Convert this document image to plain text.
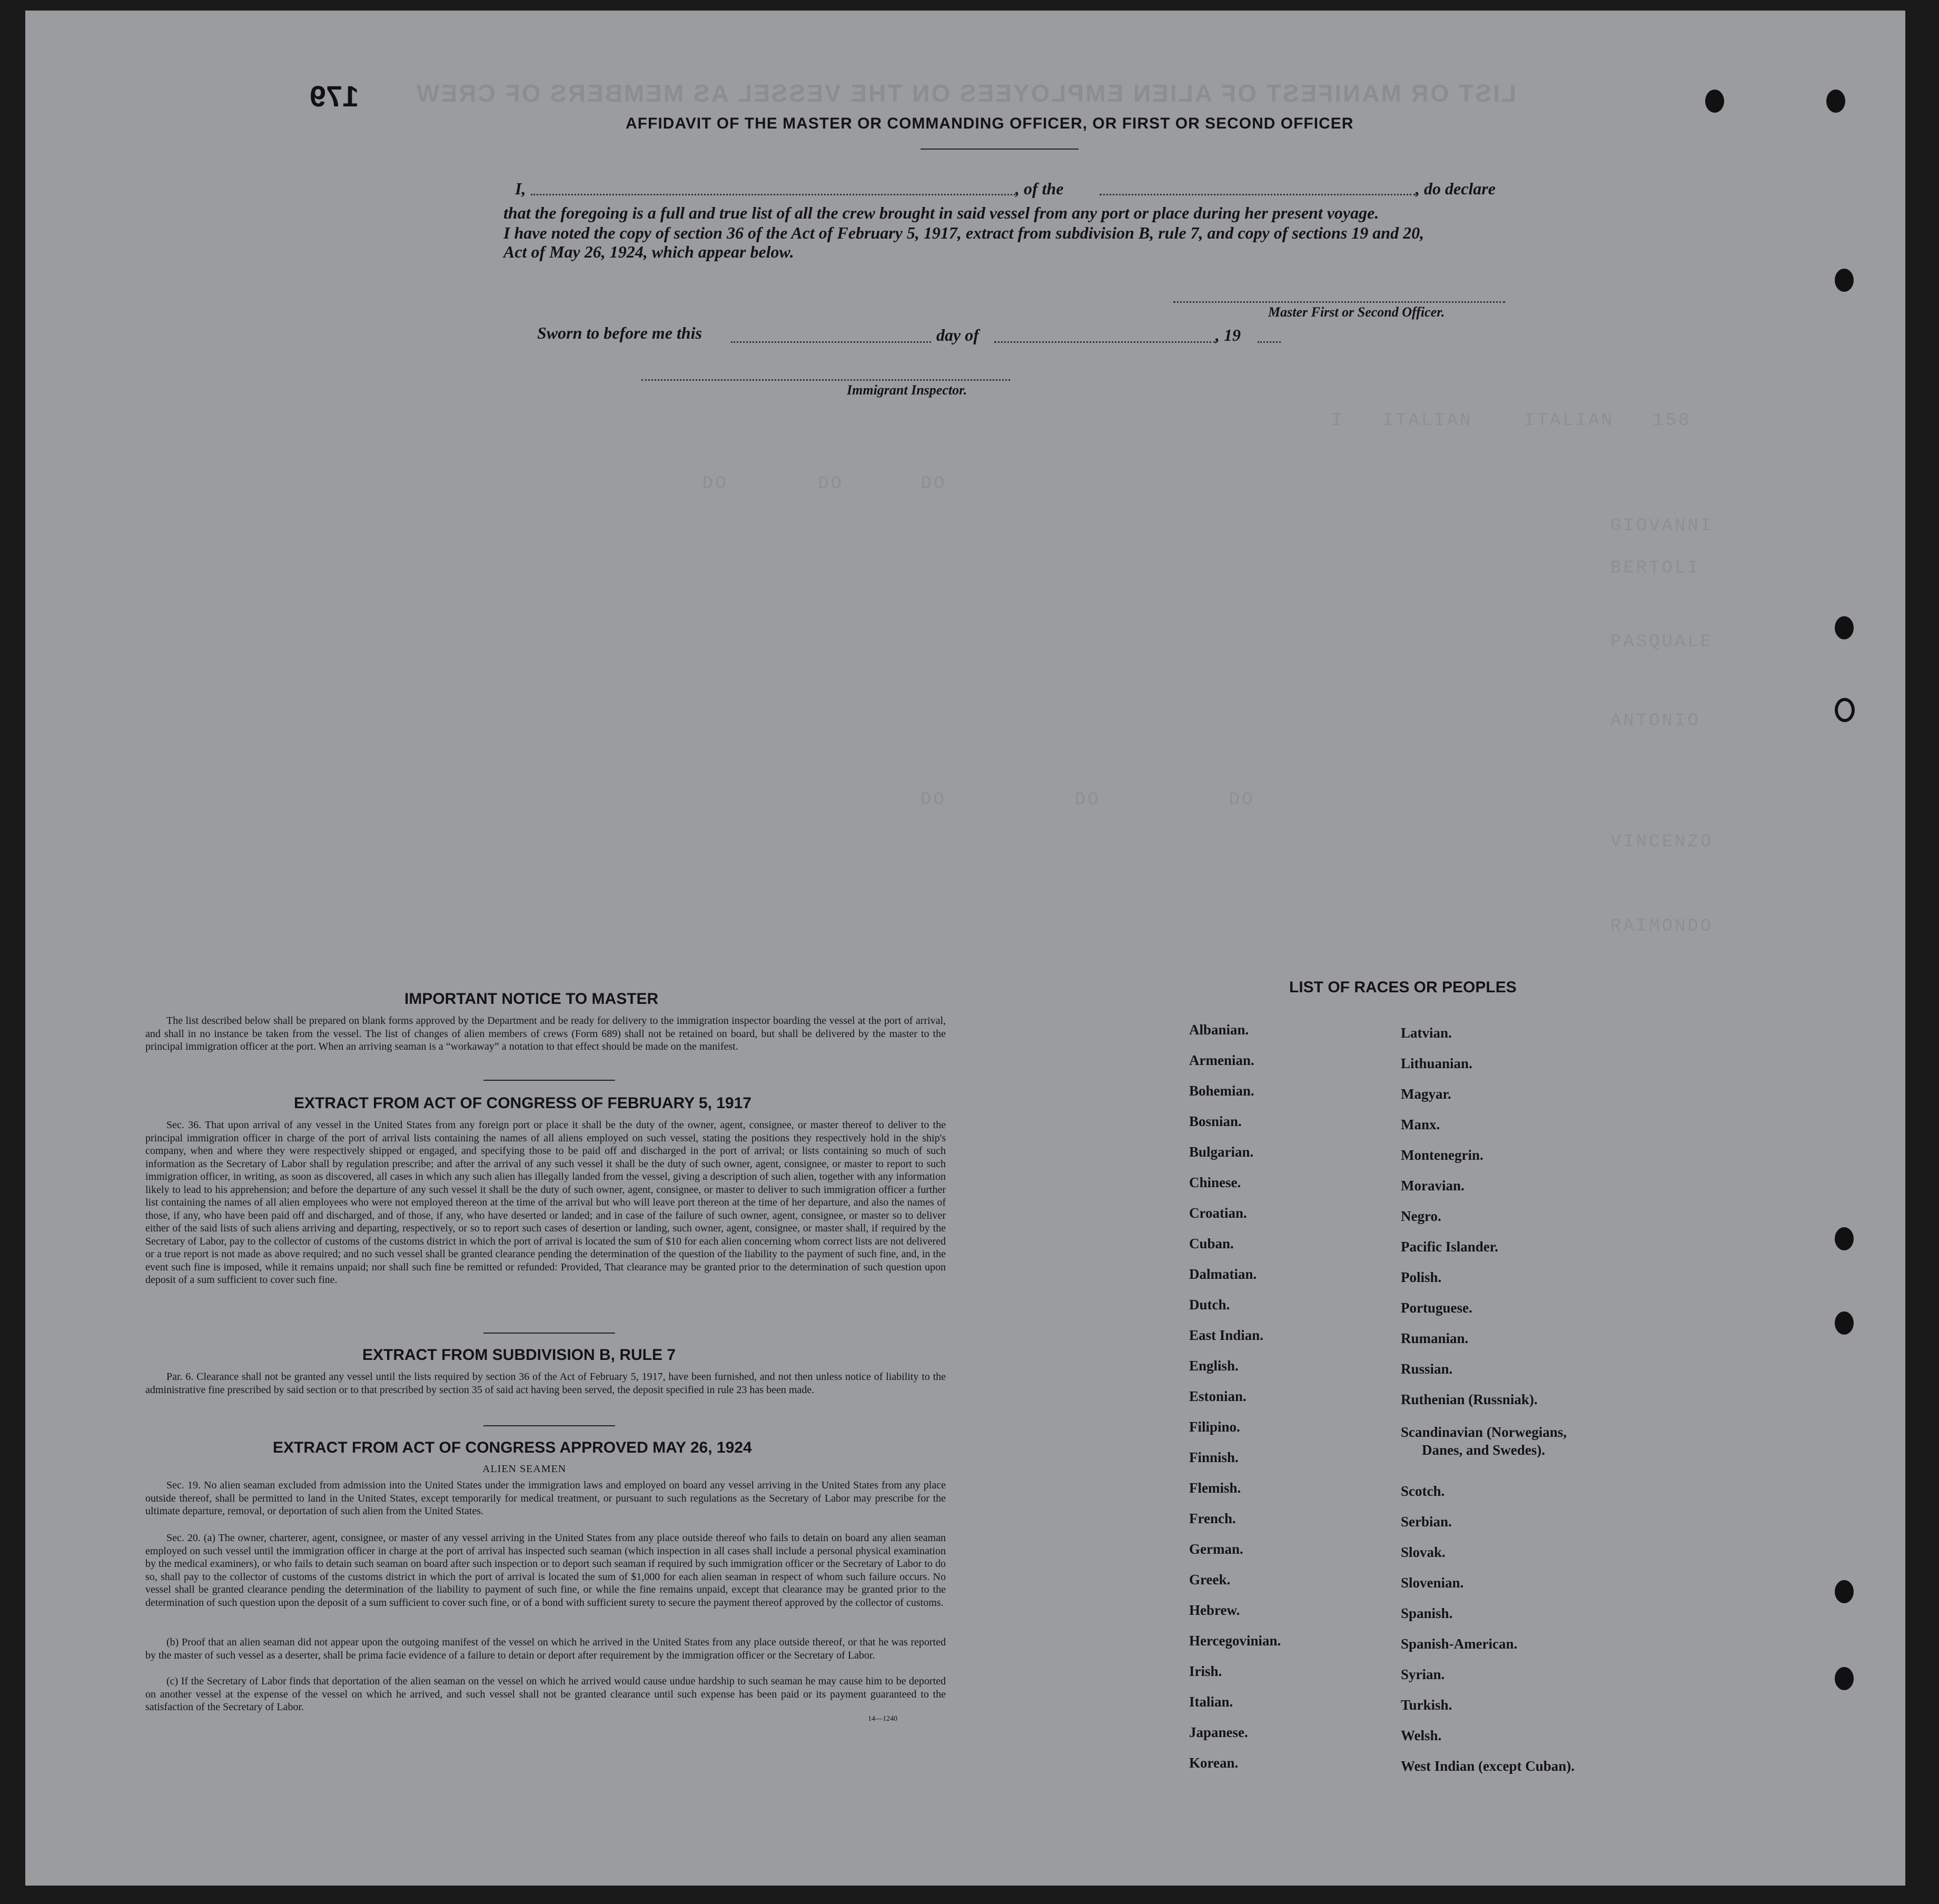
LIST OR MANIFEST OF ALIEN EMPLOYEES ON THE VESSEL AS MEMBERS OF CREW
I   ITALIAN    ITALIAN   158
DO       DO      DO
GIOVANNI
BERTOLI
PASQUALE
ANTONIO
VINCENZO
RAIMONDO
DO          DO          DO
179
AFFIDAVIT OF THE MASTER OR COMMANDING OFFICER, OR FIRST OR SECOND OFFICER
I,	, of the	, do declare
that the foregoing is a full and true list of all the crew brought in said vessel from any port or place during her present voyage.
I have noted the copy of section 36 of the Act of February 5, 1917, extract from subdivision B, rule 7, and copy of sections 19 and 20,
Act of May 26, 1924, which appear below.
Master First or Second Officer.
Sworn to before me this	day of	, 19
Immigrant Inspector.
IMPORTANT NOTICE TO MASTER
The list described below shall be prepared on blank forms approved by the Department and be ready for delivery to the immigration inspector boarding the vessel at the port of arrival, and shall in no instance be taken from the vessel. The list of changes of alien members of crews (Form 689) shall not be retained on board, but shall be delivered by the master to the principal immigration officer at the port. When an arriving seaman is a “workaway” a notation to that effect should be made on the manifest.
EXTRACT FROM ACT OF CONGRESS OF FEBRUARY 5, 1917
Sec. 36. That upon arrival of any vessel in the United States from any foreign port or place it shall be the duty of the owner, agent, consignee, or master thereof to deliver to the principal immigration officer in charge of the port of arrival lists containing the names of all aliens employed on such vessel, stating the positions they respectively hold in the ship's company, when and where they were respectively shipped or engaged, and specifying those to be paid off and discharged in the port of arrival; or lists containing so much of such information as the Secretary of Labor shall by regulation prescribe; and after the arrival of any such vessel it shall be the duty of such owner, agent, consignee, or master to report to such immigration officer, in writing, as soon as discovered, all cases in which any such alien has illegally landed from the vessel, giving a description of such alien, together with any information likely to lead to his apprehension; and before the departure of any such vessel it shall be the duty of such owner, agent, consignee, or master to deliver to such immigration officer a further list containing the names of all alien employees who were not employed thereon at the time of the arrival but who will leave port thereon at the time of her departure, and also the names of those, if any, who have been paid off and discharged, and of those, if any, who have deserted or landed; and in case of the failure of such owner, agent, consignee, or master so to deliver either of the said lists of such aliens arriving and departing, respectively, or so to report such cases of desertion or landing, such owner, agent, consignee, or master shall, if required by the Secretary of Labor, pay to the collector of customs of the customs district in which the port of arrival is located the sum of $10 for each alien concerning whom correct lists are not delivered or a true report is not made as above required; and no such vessel shall be granted clearance pending the determination of the question of the liability to the payment of such fine, and, in the event such fine is imposed, while it remains unpaid; nor shall such fine be remitted or refunded: Provided, That clearance may be granted prior to the determination of such question upon deposit of a sum sufficient to cover such fine.
EXTRACT FROM SUBDIVISION B, RULE 7
Par. 6. Clearance shall not be granted any vessel until the lists required by section 36 of the Act of February 5, 1917, have been furnished, and not then unless notice of liability to the administrative fine prescribed by said section or to that prescribed by section 35 of said act having been served, the deposit specified in rule 23 has been made.
EXTRACT FROM ACT OF CONGRESS APPROVED MAY 26, 1924
ALIEN SEAMEN
Sec. 19. No alien seaman excluded from admission into the United States under the immigration laws and employed on board any vessel arriving in the United States from any place outside thereof, shall be permitted to land in the United States, except temporarily for medical treatment, or pursuant to such regulations as the Secretary of Labor may prescribe for the ultimate departure, removal, or deportation of such alien from the United States.
Sec. 20. (a) The owner, charterer, agent, consignee, or master of any vessel arriving in the United States from any place outside thereof who fails to detain on board any alien seaman employed on such vessel until the immigration officer in charge at the port of arrival has inspected such seaman (which inspection in all cases shall include a personal physical examination by the medical examiners), or who fails to detain such seaman on board after such inspection or to deport such seaman if required by such immigration officer or the Secretary of Labor to do so, shall pay to the collector of customs of the customs district in which the port of arrival is located the sum of $1,000 for each alien seaman in respect of whom such failure occurs. No vessel shall be granted clearance pending the determination of the liability to payment of such fine, or while the fine remains unpaid, except that clearance may be granted prior to the determination of such question upon the deposit of a sum sufficient to cover such fine, or of a bond with sufficient surety to secure the payment thereof approved by the collector of customs.
(b) Proof that an alien seaman did not appear upon the outgoing manifest of the vessel on which he arrived in the United States from any place outside thereof, or that he was reported by the master of such vessel as a deserter, shall be prima facie evidence of a failure to detain or deport after requirement by the immigration officer or the Secretary of Labor.
(c) If the Secretary of Labor finds that deportation of the alien seaman on the vessel on which he arrived would cause undue hardship to such seaman he may cause him to be deported on another vessel at the expense of the vessel on which he arrived, and such vessel shall not be granted clearance until such expense has been paid or its payment guaranteed to the satisfaction of the Secretary of Labor.
14—1240
LIST OF RACES OR PEOPLES
Albanian.
Armenian.
Bohemian.
Bosnian.
Bulgarian.
Chinese.
Croatian.
Cuban.
Dalmatian.
Dutch.
East Indian.
English.
Estonian.
Filipino.
Finnish.
Flemish.
French.
German.
Greek.
Hebrew.
Hercegovinian.
Irish.
Italian.
Japanese.
Korean.
Latvian.
Lithuanian.
Magyar.
Manx.
Montenegrin.
Moravian.
Negro.
Pacific Islander.
Polish.
Portuguese.
Rumanian.
Russian.
Ruthenian (Russniak).
Scandinavian (Norwegians,
Danes, and Swedes).
Scotch.
Serbian.
Slovak.
Slovenian.
Spanish.
Spanish-American.
Syrian.
Turkish.
Welsh.
West Indian (except Cuban).
